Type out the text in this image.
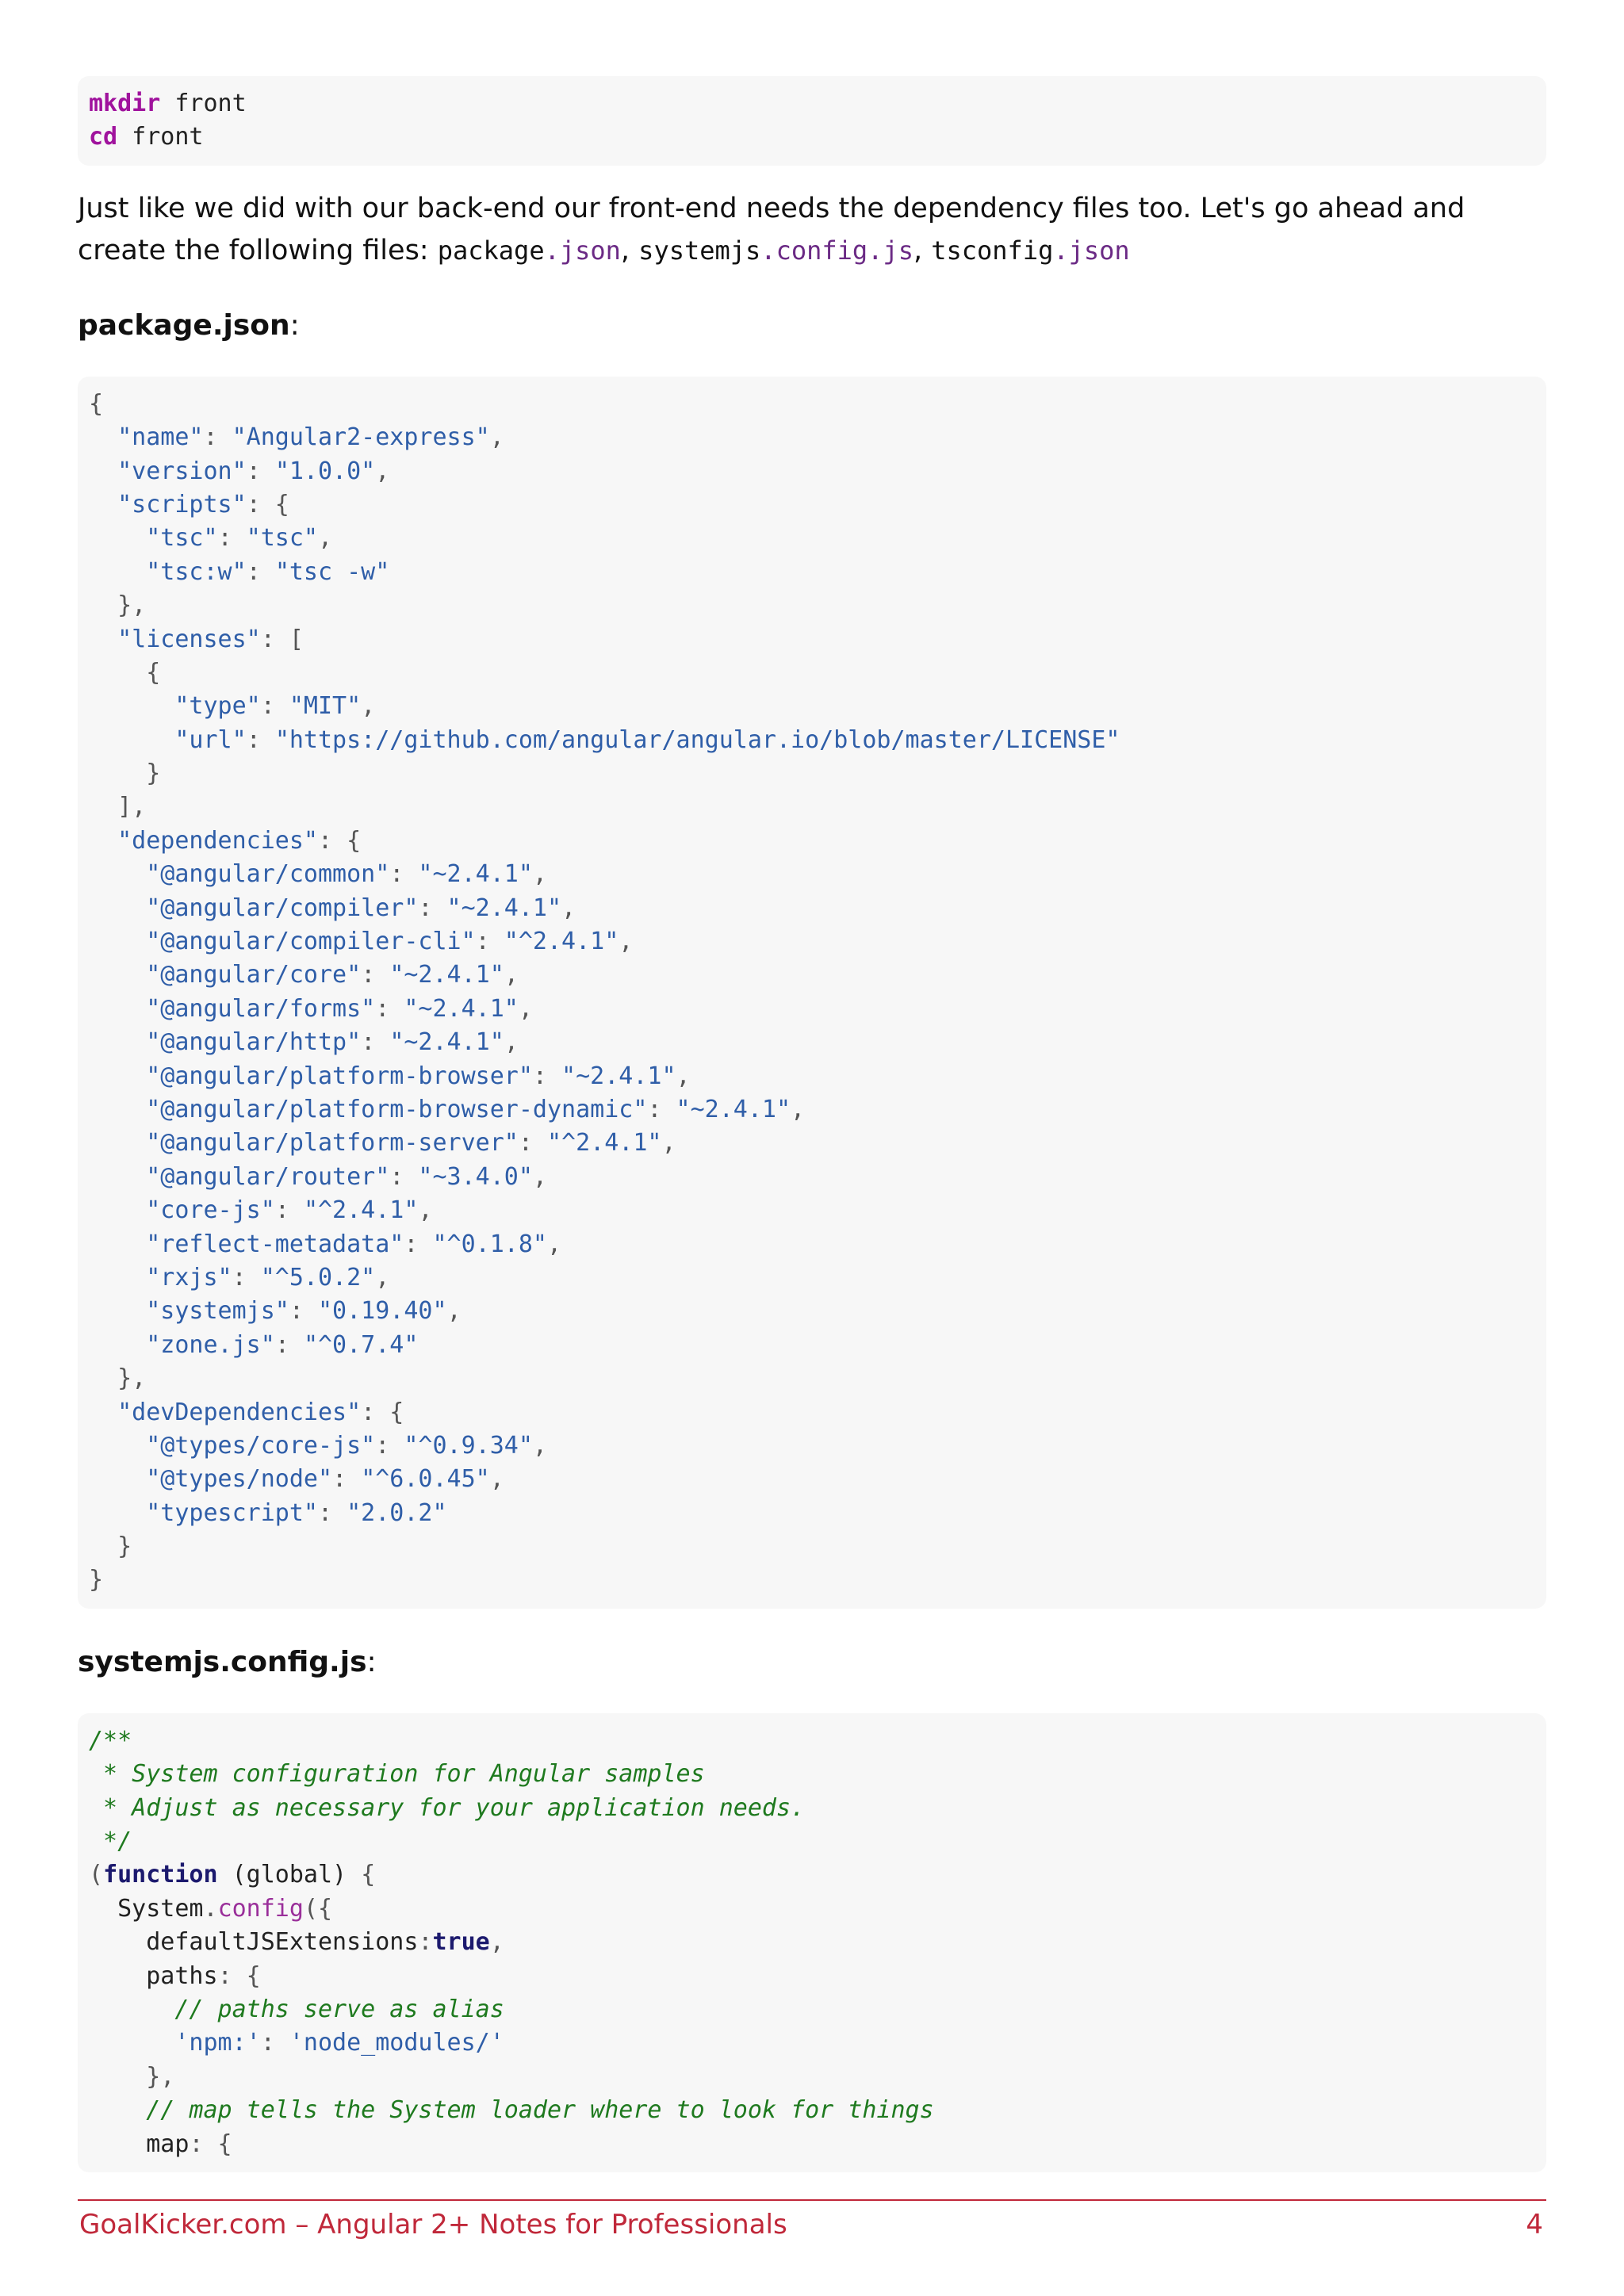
mkdir front
cd front

Just like we did with our back-end our front-end needs the dependency files too. Let's go ahead and create the following files: package.json, systemjs.config.js, tsconfig.json

package.json:
{
"name": "Angular2-express",
"version": "1.0.0",
"scripts": {
"tsc": "tsc",
"tsc:w": "tsc -w"
},
"licenses": [
{
"type": "MIT",
"url": "https://github.com/angular/angular.io/blob/master/LICENSE"
}
],
"dependencies": {
"@angular/common": "~2.4.1",
"@angular/compiler": "~2.4.1",
"@angular/compiler-cli": "^2.4.1",
"@angular/core": "~2.4.1",
"@angular/forms": "~2.4.1",
"@angular/http": "~2.4.1",
"@angular/platform-browser": "~2.4.1",
"@angular/platform-browser-dynamic": "~2.4.1",
"@angular/platform-server": "^2.4.1",
"@angular/router": "~3.4.0",
"core-js": "^2.4.1",
"reflect-metadata": "^0.1.8",
"rxjs": "^5.0.2",
"systemjs": "0.19.40",
"zone.js": "^0.7.4"
},
"devDependencies": {
"@types/core-js": "^0.9.34",
"@types/node": "^6.0.45",
"typescript": "2.0.2"
}
}
systemjs.config.js:
/**
* System configuration for Angular samples
* Adjust as necessary for your application needs.
*/
(function (global) {
System.config({
defaultJSExtensions:true,
paths: {
// paths serve as alias
'npm:': 'node_modules/'
},
// map tells the System loader where to look for things
map: {
GoalKicker.com – Angular 2+ Notes for Professionals	4
